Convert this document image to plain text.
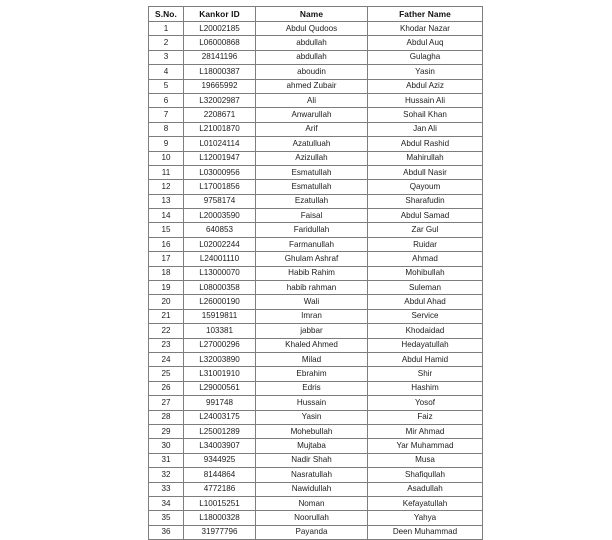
S.No.	Kankor ID	Name	Father Name
1	L20002185	Abdul Qudoos	Khodar Nazar
2	L06000868	abdullah	Abdul Auq
3	28141196	abdullah	Gulagha
4	L18000387	aboudin	Yasin
5	19665992	ahmed Zubair	Abdul Aziz
6	L32002987	Ali	Hussain Ali
7	2208671	Anwarullah	Sohail Khan
8	L21001870	Arif	Jan Ali
9	L01024114	Azatulluah	Abdul Rashid
10	L12001947	Azizullah	Mahirullah
11	L03000956	Esmatullah	Abdull Nasir
12	L17001856	Esmatullah	Qayoum
13	9758174	Ezatullah	Sharafudin
14	L20003590	Faisal	Abdul Samad
15	640853	Faridullah	Zar Gul
16	L02002244	Farmanullah	Ruidar
17	L24001110	Ghulam Ashraf	Ahmad
18	L13000070	Habib Rahim	Mohibullah
19	L08000358	habib rahman	Suleman
20	L26000190	Wali	Abdul Ahad
21	15919811	Imran	Service
22	103381	jabbar	Khodaidad
23	L27000296	Khaled Ahmed	Hedayatullah
24	L32003890	Milad	Abdul Hamid
25	L31001910	Ebrahim	Shir
26	L29000561	Edris	Hashim
27	991748	Hussain	Yosof
28	L24003175	Yasin	Faiz
29	L25001289	Mohebullah	Mir Ahmad
30	L34003907	Mujtaba	Yar Muhammad
31	9344925	Nadir Shah	Musa
32	8144864	Nasratullah	Shafiqullah
33	4772186	Nawidullah	Asadullah
34	L10015251	Noman	Kefayatullah
35	L18000328	Noorullah	Yahya
36	31977796	Payanda	Deen Muhammad
